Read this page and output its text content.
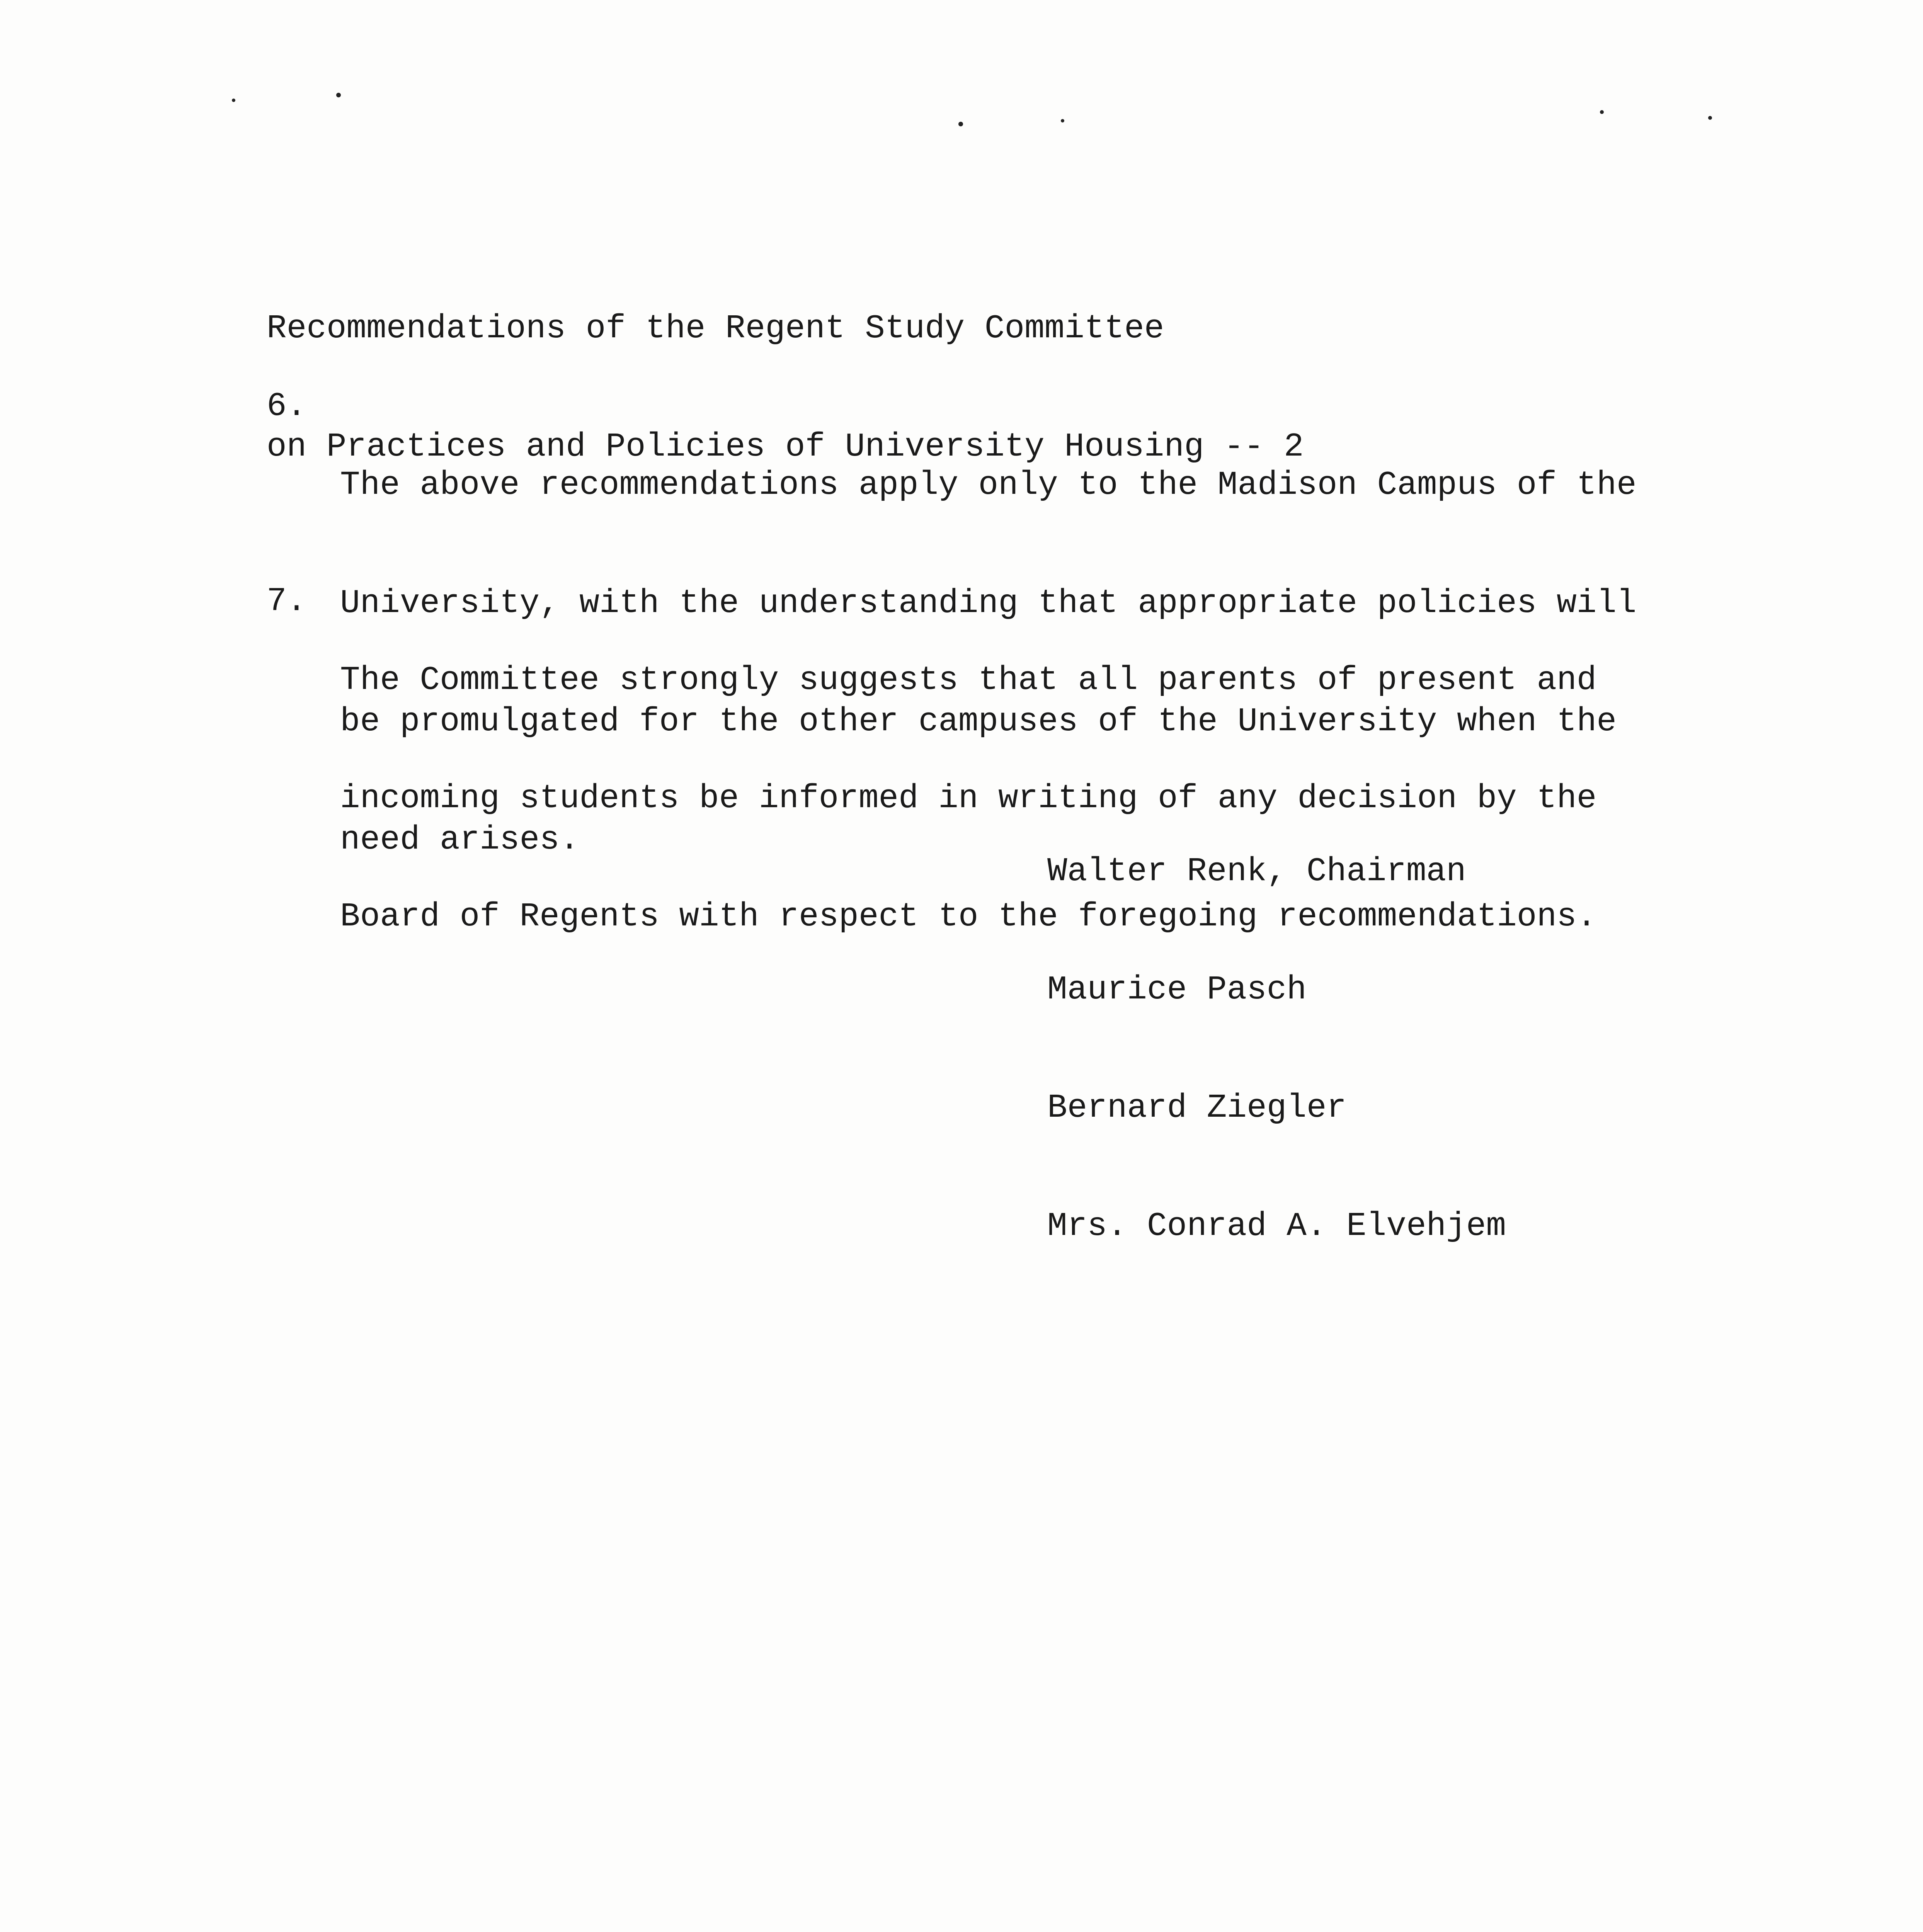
Recommendations of the Regent Study Committee

on Practices and Policies of University Housing -- 2

6.

The above recommendations apply only to the Madison Campus of the

University, with the understanding that appropriate policies will

be promulgated for the other campuses of the University when the

need arises.

7.

The Committee strongly suggests that all parents of present and

incoming students be informed in writing of any decision by the

Board of Regents with respect to the foregoing recommendations.

Walter Renk, Chairman

Maurice Pasch

Bernard Ziegler

Mrs. Conrad A. Elvehjem
